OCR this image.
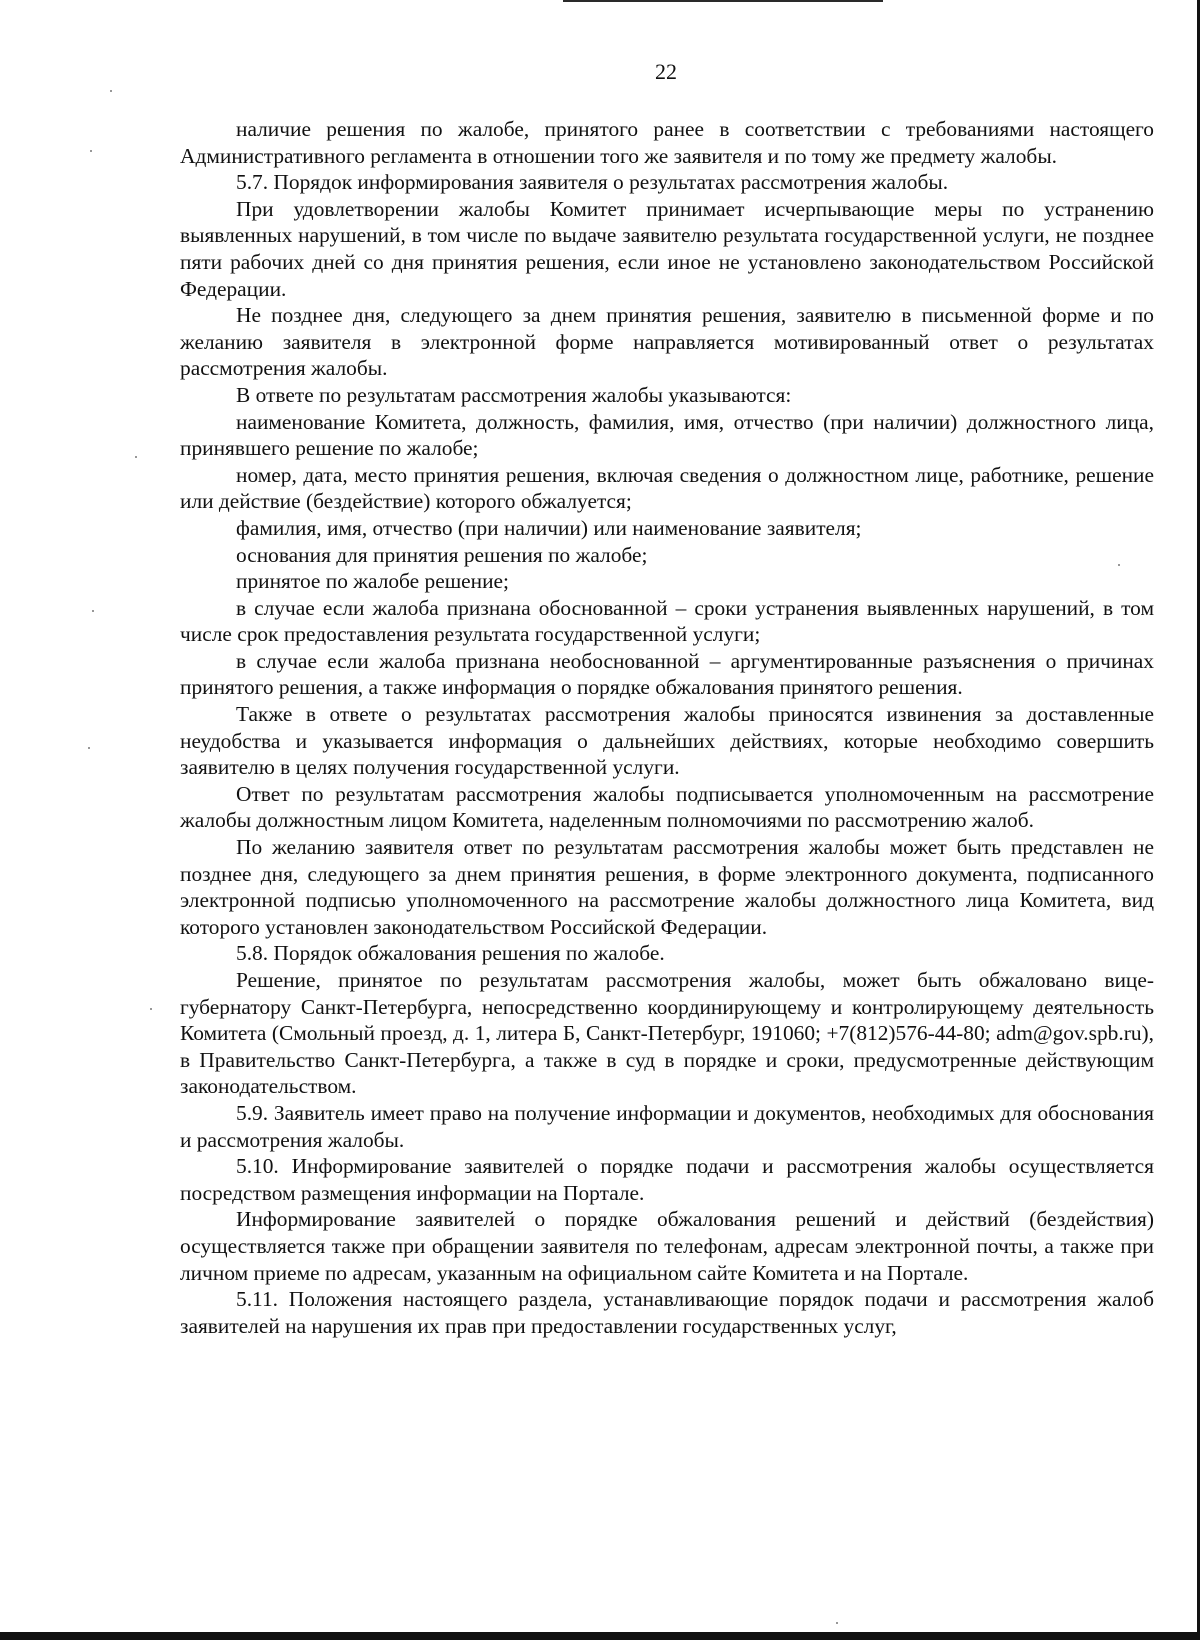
22

наличие решения по жалобе, принятого ранее в соответствии с требованиями настоящего Административного регламента в отношении того же заявителя и по тому же предмету жалобы.

5.7. Порядок информирования заявителя о результатах рассмотрения жалобы.

При удовлетворении жалобы Комитет принимает исчерпывающие меры по устранению выявленных нарушений, в том числе по выдаче заявителю результата государственной услуги, не позднее пяти рабочих дней со дня принятия решения, если иное не установлено законодательством Российской Федерации.

Не позднее дня, следующего за днем принятия решения, заявителю в письменной форме и по желанию заявителя в электронной форме направляется мотивированный ответ о результатах рассмотрения жалобы.

В ответе по результатам рассмотрения жалобы указываются:

наименование Комитета, должность, фамилия, имя, отчество (при наличии) должностного лица, принявшего решение по жалобе;

номер, дата, место принятия решения, включая сведения о должностном лице, работнике, решение или действие (бездействие) которого обжалуется;

фамилия, имя, отчество (при наличии) или наименование заявителя;

основания для принятия решения по жалобе;

принятое по жалобе решение;

в случае если жалоба признана обоснованной – сроки устранения выявленных нарушений, в том числе срок предоставления результата государственной услуги;

в случае если жалоба признана необоснованной – аргументированные разъяснения о причинах принятого решения, а также информация о порядке обжалования принятого решения.

Также в ответе о результатах рассмотрения жалобы приносятся извинения за доставленные неудобства и указывается информация о дальнейших действиях, которые необходимо совершить заявителю в целях получения государственной услуги.

Ответ по результатам рассмотрения жалобы подписывается уполномоченным на рассмотрение жалобы должностным лицом Комитета, наделенным полномочиями по рассмотрению жалоб.

По желанию заявителя ответ по результатам рассмотрения жалобы может быть представлен не позднее дня, следующего за днем принятия решения, в форме электронного документа, подписанного электронной подписью уполномоченного на рассмотрение жалобы должностного лица Комитета, вид которого установлен законодательством Российской Федерации.

5.8. Порядок обжалования решения по жалобе.

Решение, принятое по результатам рассмотрения жалобы, может быть обжаловано вице-губернатору Санкт-Петербурга, непосредственно координирующему и контролирующему деятельность Комитета (Смольный проезд, д. 1, литера Б, Санкт-Петербург, 191060; +7(812)576-44-80; adm@gov.spb.ru), в Правительство Санкт-Петербурга, а также в суд в порядке и сроки, предусмотренные действующим законодательством.

5.9. Заявитель имеет право на получение информации и документов, необходимых для обоснования и рассмотрения жалобы.

5.10. Информирование заявителей о порядке подачи и рассмотрения жалобы осуществляется посредством размещения информации на Портале.

Информирование заявителей о порядке обжалования решений и действий (бездействия) осуществляется также при обращении заявителя по телефонам, адресам электронной почты, а также при личном приеме по адресам, указанным на официальном сайте Комитета и на Портале.

5.11. Положения настоящего раздела, устанавливающие порядок подачи и рассмотрения жалоб заявителей на нарушения их прав при предоставлении государственных услуг,
